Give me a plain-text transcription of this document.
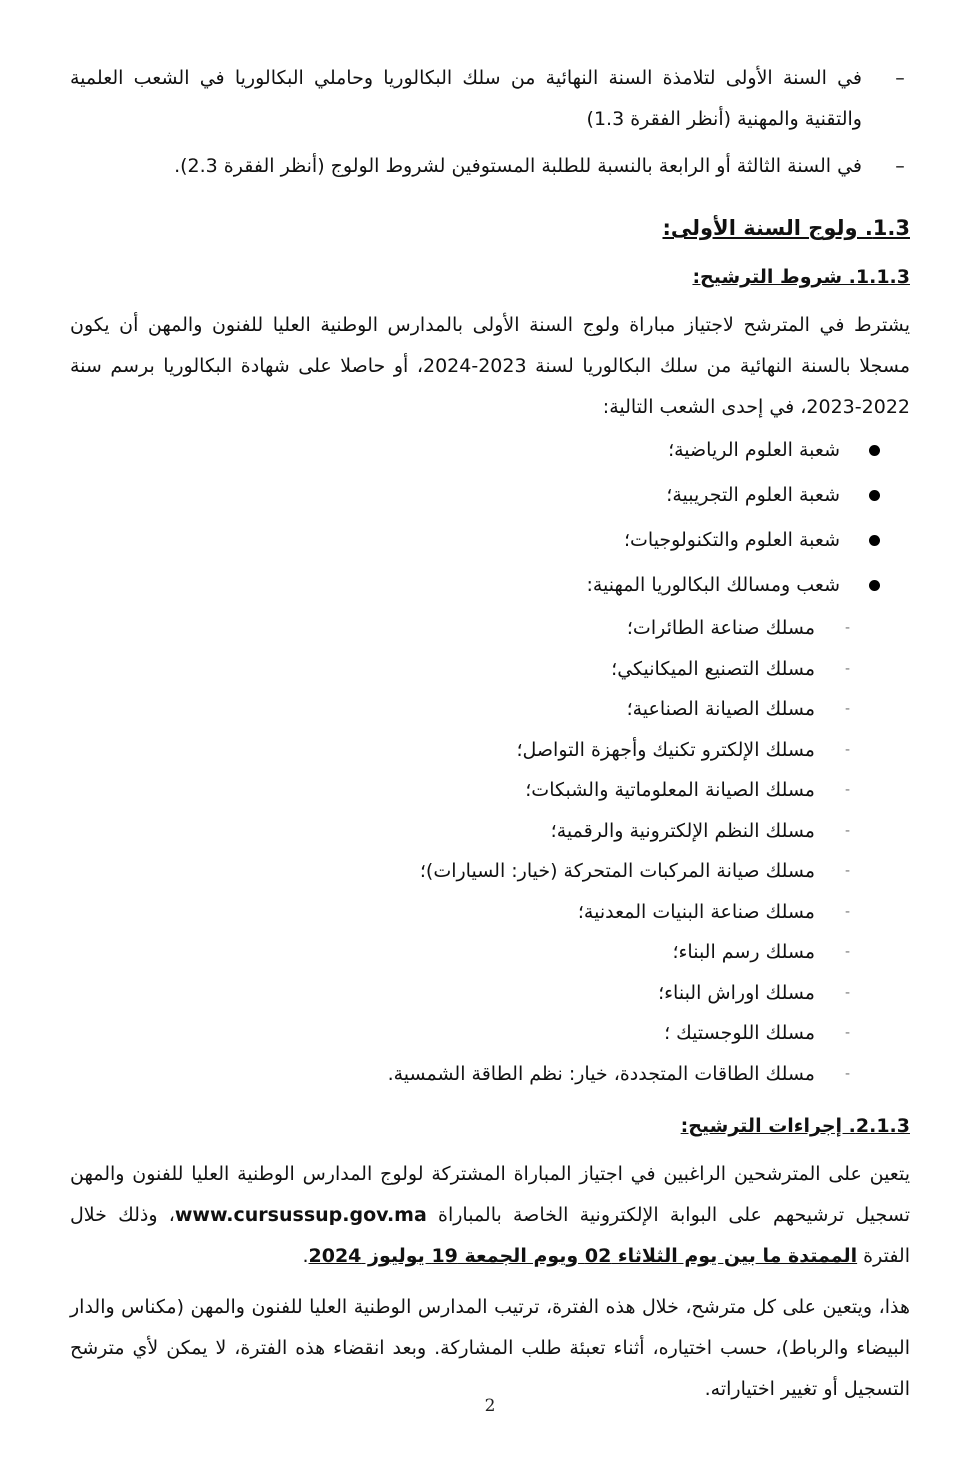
–
في السنة الأولى لتلامذة السنة النهائية من سلك البكالوريا وحاملي البكالوريا في الشعب العلمية والتقنية والمهنية (أنظر الفقرة 1.3)
–
في السنة الثالثة أو الرابعة بالنسبة للطلبة المستوفين لشروط الولوج (أنظر الفقرة 2.3).
1.3. ولوج السنة الأولى:
1.1.3. شروط الترشيح:

يشترط في المترشح لاجتياز مباراة ولوج السنة الأولى بالمدارس الوطنية العليا للفنون والمهن أن يكون مسجلا بالسنة النهائية من سلك البكالوريا لسنة 2023-2024، أو حاصلا على شهادة البكالوريا برسم سنة 2022-2023، في إحدى الشعب التالية:

شعبة العلوم الرياضية؛
شعبة العلوم التجريبية؛
شعبة العلوم والتكنولوجيات؛
شعب ومسالك البكالوريا المهنية:
-
مسلك صناعة الطائرات؛
-
مسلك التصنيع الميكانيكي؛
-
مسلك الصيانة الصناعية؛
-
مسلك الإلكترو تكنيك وأجهزة التواصل؛
-
مسلك الصيانة المعلوماتية والشبكات؛
-
مسلك النظم الإلكترونية والرقمية؛
-
مسلك صيانة المركبات المتحركة (خيار: السيارات)؛
-
مسلك صناعة البنيات المعدنية؛
-
مسلك رسم البناء؛
-
مسلك اوراش البناء؛
-
مسلك اللوجستيك ؛
-
مسلك الطاقات المتجددة، خيار: نظم الطاقة الشمسية.
2.1.3. إجراءات الترشيح:

يتعين على المترشحين الراغبين في اجتياز المباراة المشتركة لولوج المدارس الوطنية العليا للفنون والمهن تسجيل ترشيحهم على البوابة الإلكترونية الخاصة بالمباراة www.cursussup.gov.ma، وذلك خلال الفترة الممتدة ما بين يوم الثلاثاء 02 ويوم الجمعة 19 يوليوز 2024.

هذا، ويتعين على كل مترشح، خلال هذه الفترة، ترتيب المدارس الوطنية العليا للفنون والمهن (مكناس والدار البيضاء والرباط)، حسب اختياره، أثناء تعبئة طلب المشاركة. وبعد انقضاء هذه الفترة، لا يمكن لأي مترشح التسجيل أو تغيير اختياراته.

2
